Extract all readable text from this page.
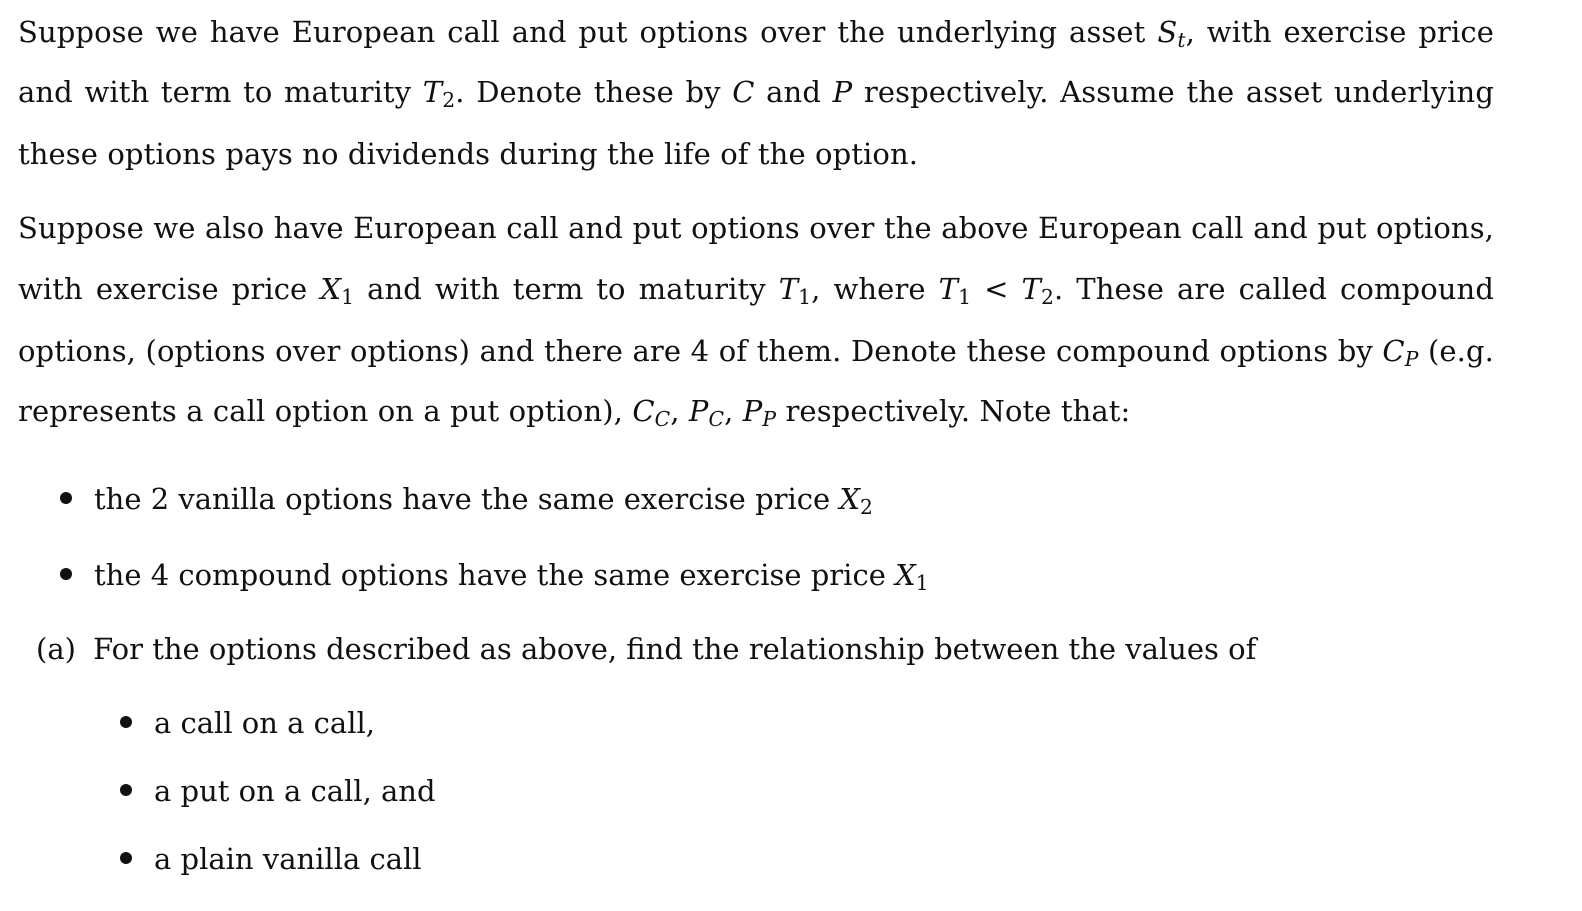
Suppose we have European call and put options over the underlying asset $S_t$, with exercise price
and with term to maturity $T_2$. Denote these by C and P respectively. Assume the asset underlying
these options pays no dividends during the life of the option.
Suppose we also have European call and put options over the above European call and put options,
with exercise price $X_1$ and with term to maturity $T_1$, where $T_1 < T_2$. These are called compound
options, (options over options) and there are 4 of them. Denote these compound options by $C_P$ (e.g.
represents a call option on a put option), $C_C$, $P_C$, $P_P$ respectively. Note that:
the 2 vanilla options have the same exercise price $X_2$
the 4 compound options have the same exercise price $X_1$
(a) For the options described as above, find the relationship between the values of
a call on a call,
a put on a call, and
a plain vanilla call
